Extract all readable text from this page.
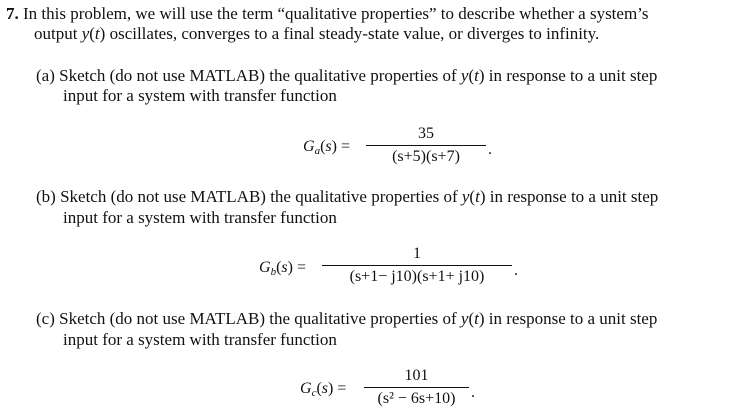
7. In this problem, we will use the term “qualitative properties” to describe whether a system’s
output y(t) oscillates, converges to a final steady-state value, or diverges to infinity.
(a) Sketch (do not use MATLAB) the qualitative properties of y(t) in response to a unit step
input for a system with transfer function
$G_a(s)$ =
35
(s+5)(s+7)	.
(b) Sketch (do not use MATLAB) the qualitative properties of y(t) in response to a unit step
input for a system with transfer function
$G_b(s)$ =
1
(s+1− j10)(s+1+ j10)	.
(c) Sketch (do not use MATLAB) the qualitative properties of y(t) in response to a unit step
input for a system with transfer function
$G_c(s)$ =
101
(s² − 6s+10) .
